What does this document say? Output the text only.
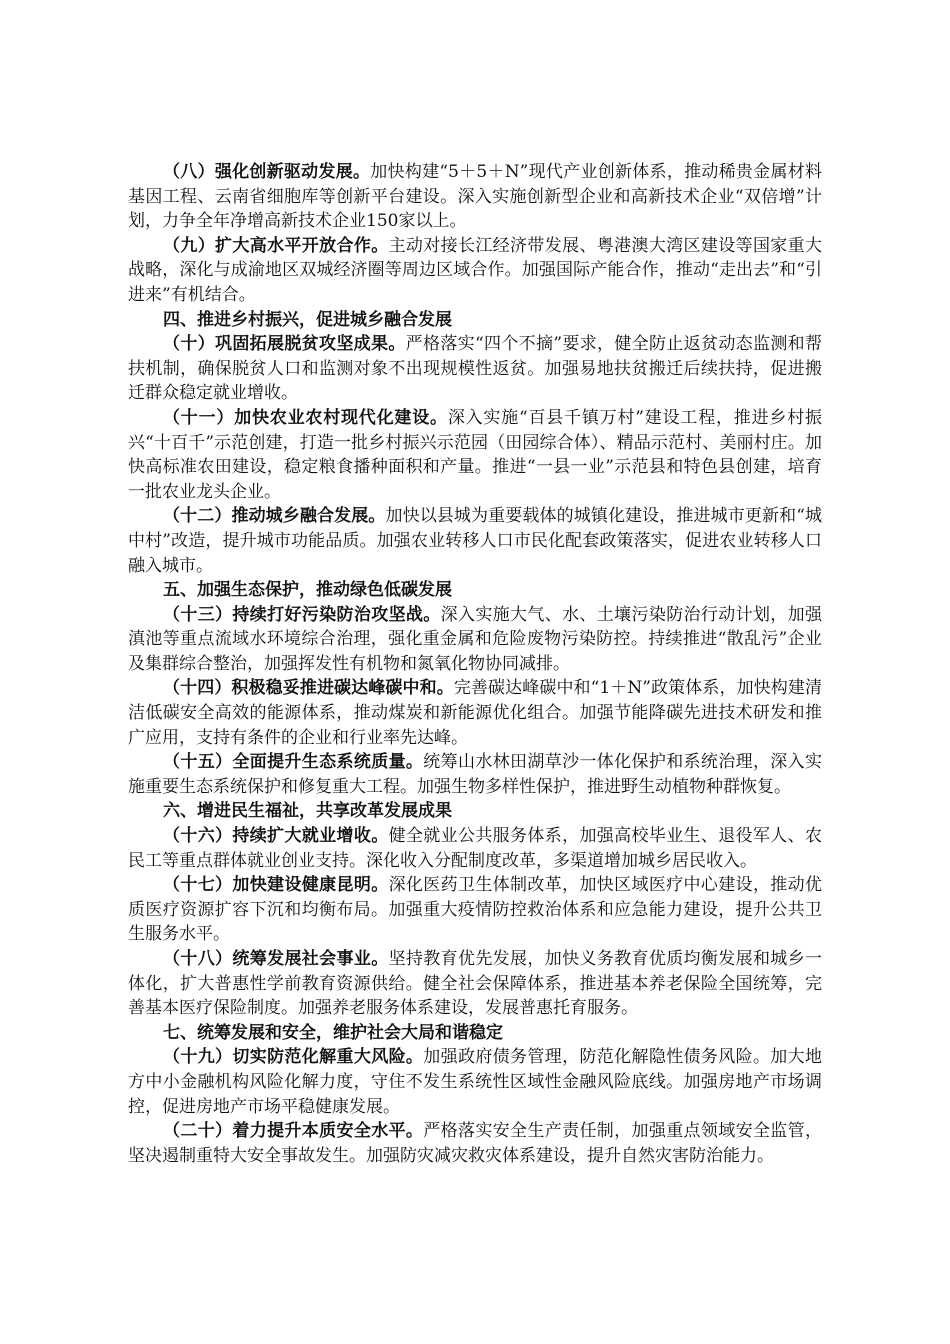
（八）强化创新驱动发展。加快构建“5＋5＋N”现代产业创新体系，推动稀贵金属材料基因工程、云南省细胞库等创新平台建设。深入实施创新型企业和高新技术企业“双倍增”计划，力争全年净增高新技术企业150家以上。

（九）扩大高水平开放合作。主动对接长江经济带发展、粤港澳大湾区建设等国家重大战略，深化与成渝地区双城经济圈等周边区域合作。加强国际产能合作，推动“走出去”和“引进来”有机结合。

四、推进乡村振兴，促进城乡融合发展

（十）巩固拓展脱贫攻坚成果。严格落实“四个不摘”要求，健全防止返贫动态监测和帮扶机制，确保脱贫人口和监测对象不出现规模性返贫。加强易地扶贫搬迁后续扶持，促进搬迁群众稳定就业增收。

（十一）加快农业农村现代化建设。深入实施“百县千镇万村”建设工程，推进乡村振兴“十百千”示范创建，打造一批乡村振兴示范园（田园综合体）、精品示范村、美丽村庄。加快高标准农田建设，稳定粮食播种面积和产量。推进“一县一业”示范县和特色县创建，培育一批农业龙头企业。

（十二）推动城乡融合发展。加快以县城为重要载体的城镇化建设，推进城市更新和“城中村”改造，提升城市功能品质。加强农业转移人口市民化配套政策落实，促进农业转移人口融入城市。

五、加强生态保护，推动绿色低碳发展

（十三）持续打好污染防治攻坚战。深入实施大气、水、土壤污染防治行动计划，加强滇池等重点流域水环境综合治理，强化重金属和危险废物污染防控。持续推进“散乱污”企业及集群综合整治，加强挥发性有机物和氮氧化物协同减排。

（十四）积极稳妥推进碳达峰碳中和。完善碳达峰碳中和“1＋N”政策体系，加快构建清洁低碳安全高效的能源体系，推动煤炭和新能源优化组合。加强节能降碳先进技术研发和推广应用，支持有条件的企业和行业率先达峰。

（十五）全面提升生态系统质量。统筹山水林田湖草沙一体化保护和系统治理，深入实施重要生态系统保护和修复重大工程。加强生物多样性保护，推进野生动植物种群恢复。

六、增进民生福祉，共享改革发展成果

（十六）持续扩大就业增收。健全就业公共服务体系，加强高校毕业生、退役军人、农民工等重点群体就业创业支持。深化收入分配制度改革，多渠道增加城乡居民收入。

（十七）加快建设健康昆明。深化医药卫生体制改革，加快区域医疗中心建设，推动优质医疗资源扩容下沉和均衡布局。加强重大疫情防控救治体系和应急能力建设，提升公共卫生服务水平。

（十八）统筹发展社会事业。坚持教育优先发展，加快义务教育优质均衡发展和城乡一体化，扩大普惠性学前教育资源供给。健全社会保障体系，推进基本养老保险全国统筹，完善基本医疗保险制度。加强养老服务体系建设，发展普惠托育服务。

七、统筹发展和安全，维护社会大局和谐稳定

（十九）切实防范化解重大风险。加强政府债务管理，防范化解隐性债务风险。加大地方中小金融机构风险化解力度，守住不发生系统性区域性金融风险底线。加强房地产市场调控，促进房地产市场平稳健康发展。

（二十）着力提升本质安全水平。严格落实安全生产责任制，加强重点领域安全监管，坚决遏制重特大安全事故发生。加强防灾减灾救灾体系建设，提升自然灾害防治能力。
